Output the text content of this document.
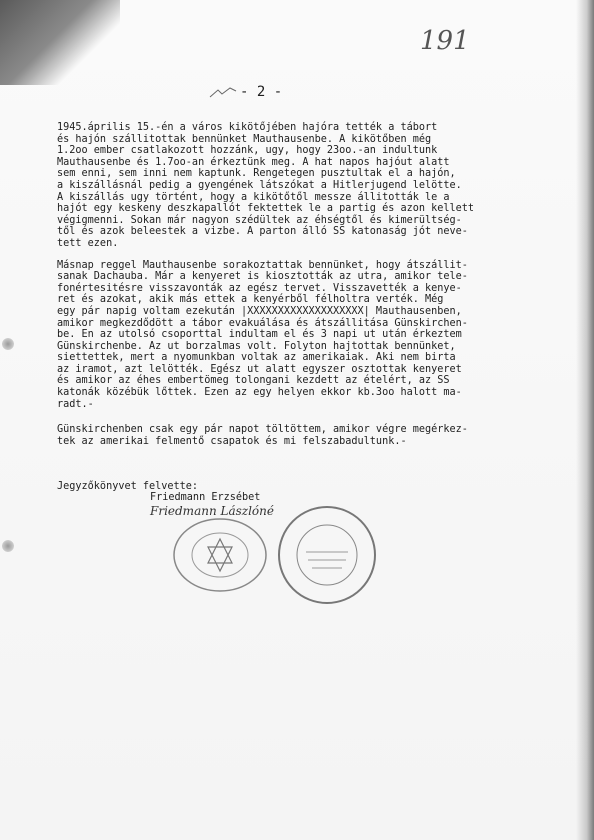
191
- 2 -
1945.április 15.-én a város kikötőjében hajóra tették a tábort
és hajón szállitottak bennünket Mauthausenbe. A kikötőben még
1.2oo ember csatlakozott hozzánk, ugy, hogy 23oo.-an indultunk
Mauthausenbe és 1.7oo-an érkeztünk meg. A hat napos hajóut alatt
sem enni, sem inni nem kaptunk. Rengetegen pusztultak el a hajón,
a kiszállásnál pedig a gyengének látszókat a Hitlerjugend lelötte.
A kiszállás ugy történt, hogy a kikötőtől messze állitották le a
hajót egy keskeny deszkapallót fektettek le a partig és azon kellett
végigmenni. Sokan már nagyon szédültek az éhségtől és kimerültség-
től és azok beleestek a vizbe. A parton álló SS katonaság jót neve-
tett ezen.
Másnap reggel Mauthausenbe sorakoztattak bennünket, hogy átszállit-
sanak Dachauba. Már a kenyeret is kiosztották az utra, amikor tele-
fonértesitésre visszavonták az egész tervet. Visszavették a kenye-
ret és azokat, akik más ettek a kenyérből félholtra verték. Még
egy pár napig voltam ezekután |XXXXXXXXXXXXXXXXXXX| Mauthausenben,
amikor megkezdődött a tábor evakuálása és átszállitása Günskirchen-
be. En az utolsó csoporttal indultam el és 3 napi ut után érkeztem
Günskirchenbe. Az ut borzalmas volt. Folyton hajtottak bennünket,
siettettek, mert a nyomunkban voltak az amerikaiak. Aki nem birta
az iramot, azt lelötték. Egész ut alatt egyszer osztottak kenyeret
és amikor az éhes embertömeg tolongani kezdett az ételért, az SS
katonák közébük lőttek. Ezen az egy helyen ekkor kb.3oo halott ma-
radt.-
Günskirchenben csak egy pár napot töltöttem, amikor végre megérkez-
tek az amerikai felmentő csapatok és mi felszabadultunk.-
Jegyzőkönyvet felvette:
Friedmann Erzsébet
Friedmann Lászlóné
